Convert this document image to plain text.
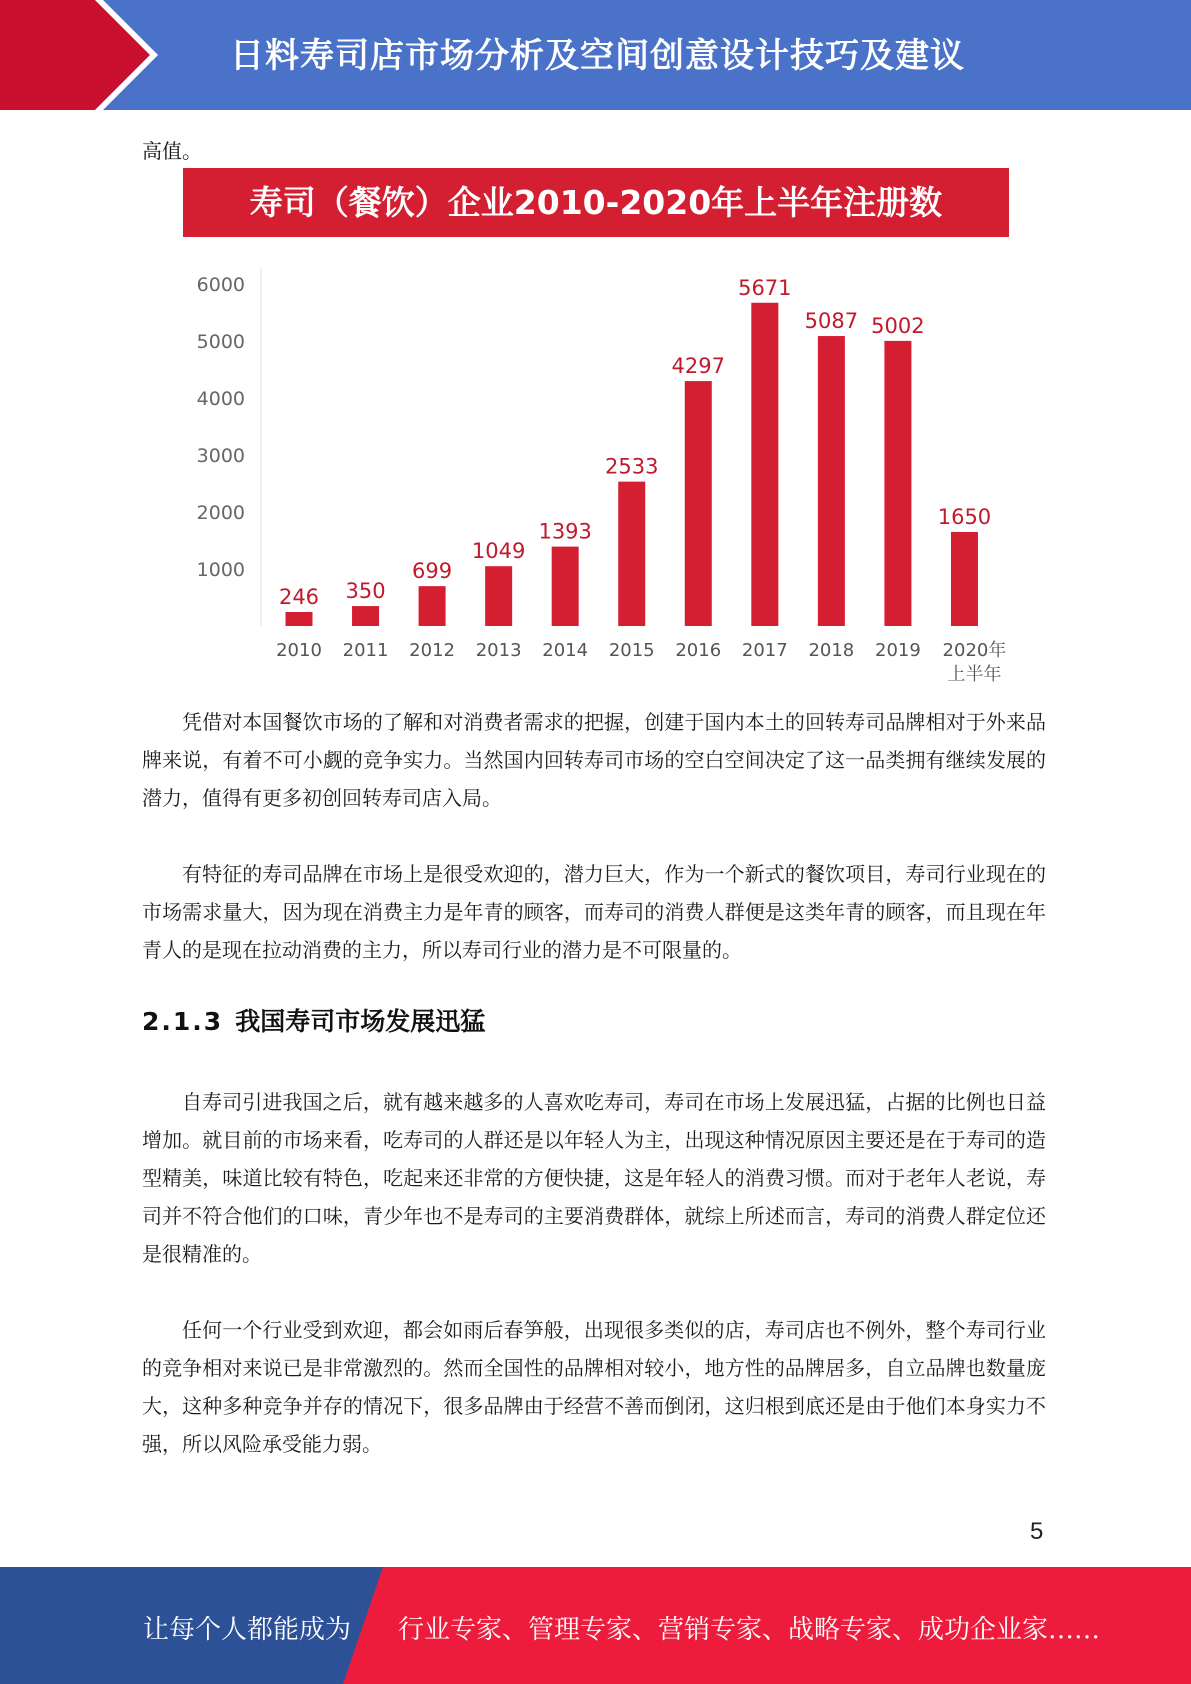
日料寿司店市场分析及空间创意设计技巧及建议
高值。
寿司（餐饮）企业2010-2020年上半年注册数
1000
2000
3000
4000
5000
6000
246
2010
350
2011
699
2012
1049
2013
1393
2014
2533
2015
4297
2016
5671
2017
5087
2018
5002
2019
1650
2020年
上半年

凭借对本国餐饮市场的了解和对消费者需求的把握，创建于国内本土的回转寿司品牌相对于外来品牌来说，有着不可小觑的竞争实力。当然国内回转寿司市场的空白空间决定了这一品类拥有继续发展的潜力，值得有更多初创回转寿司店入局。

有特征的寿司品牌在市场上是很受欢迎的，潜力巨大，作为一个新式的餐饮项目，寿司行业现在的市场需求量大，因为现在消费主力是年青的顾客，而寿司的消费人群便是这类年青的顾客，而且现在年青人的是现在拉动消费的主力，所以寿司行业的潜力是不可限量的。

2.1.3 我国寿司市场发展迅猛

自寿司引进我国之后，就有越来越多的人喜欢吃寿司，寿司在市场上发展迅猛，占据的比例也日益增加。就目前的市场来看，吃寿司的人群还是以年轻人为主，出现这种情况原因主要还是在于寿司的造型精美，味道比较有特色，吃起来还非常的方便快捷，这是年轻人的消费习惯。而对于老年人老说，寿司并不符合他们的口味，青少年也不是寿司的主要消费群体，就综上所述而言，寿司的消费人群定位还是很精准的。

任何一个行业受到欢迎，都会如雨后春笋般，出现很多类似的店，寿司店也不例外，整个寿司行业的竞争相对来说已是非常激烈的。然而全国性的品牌相对较小，地方性的品牌居多，自立品牌也数量庞大，这种多种竞争并存的情况下，很多品牌由于经营不善而倒闭，这归根到底还是由于他们本身实力不强，所以风险承受能力弱。

5
让每个人都能成为 行业专家、管理专家、营销专家、战略专家、成功企业家……
